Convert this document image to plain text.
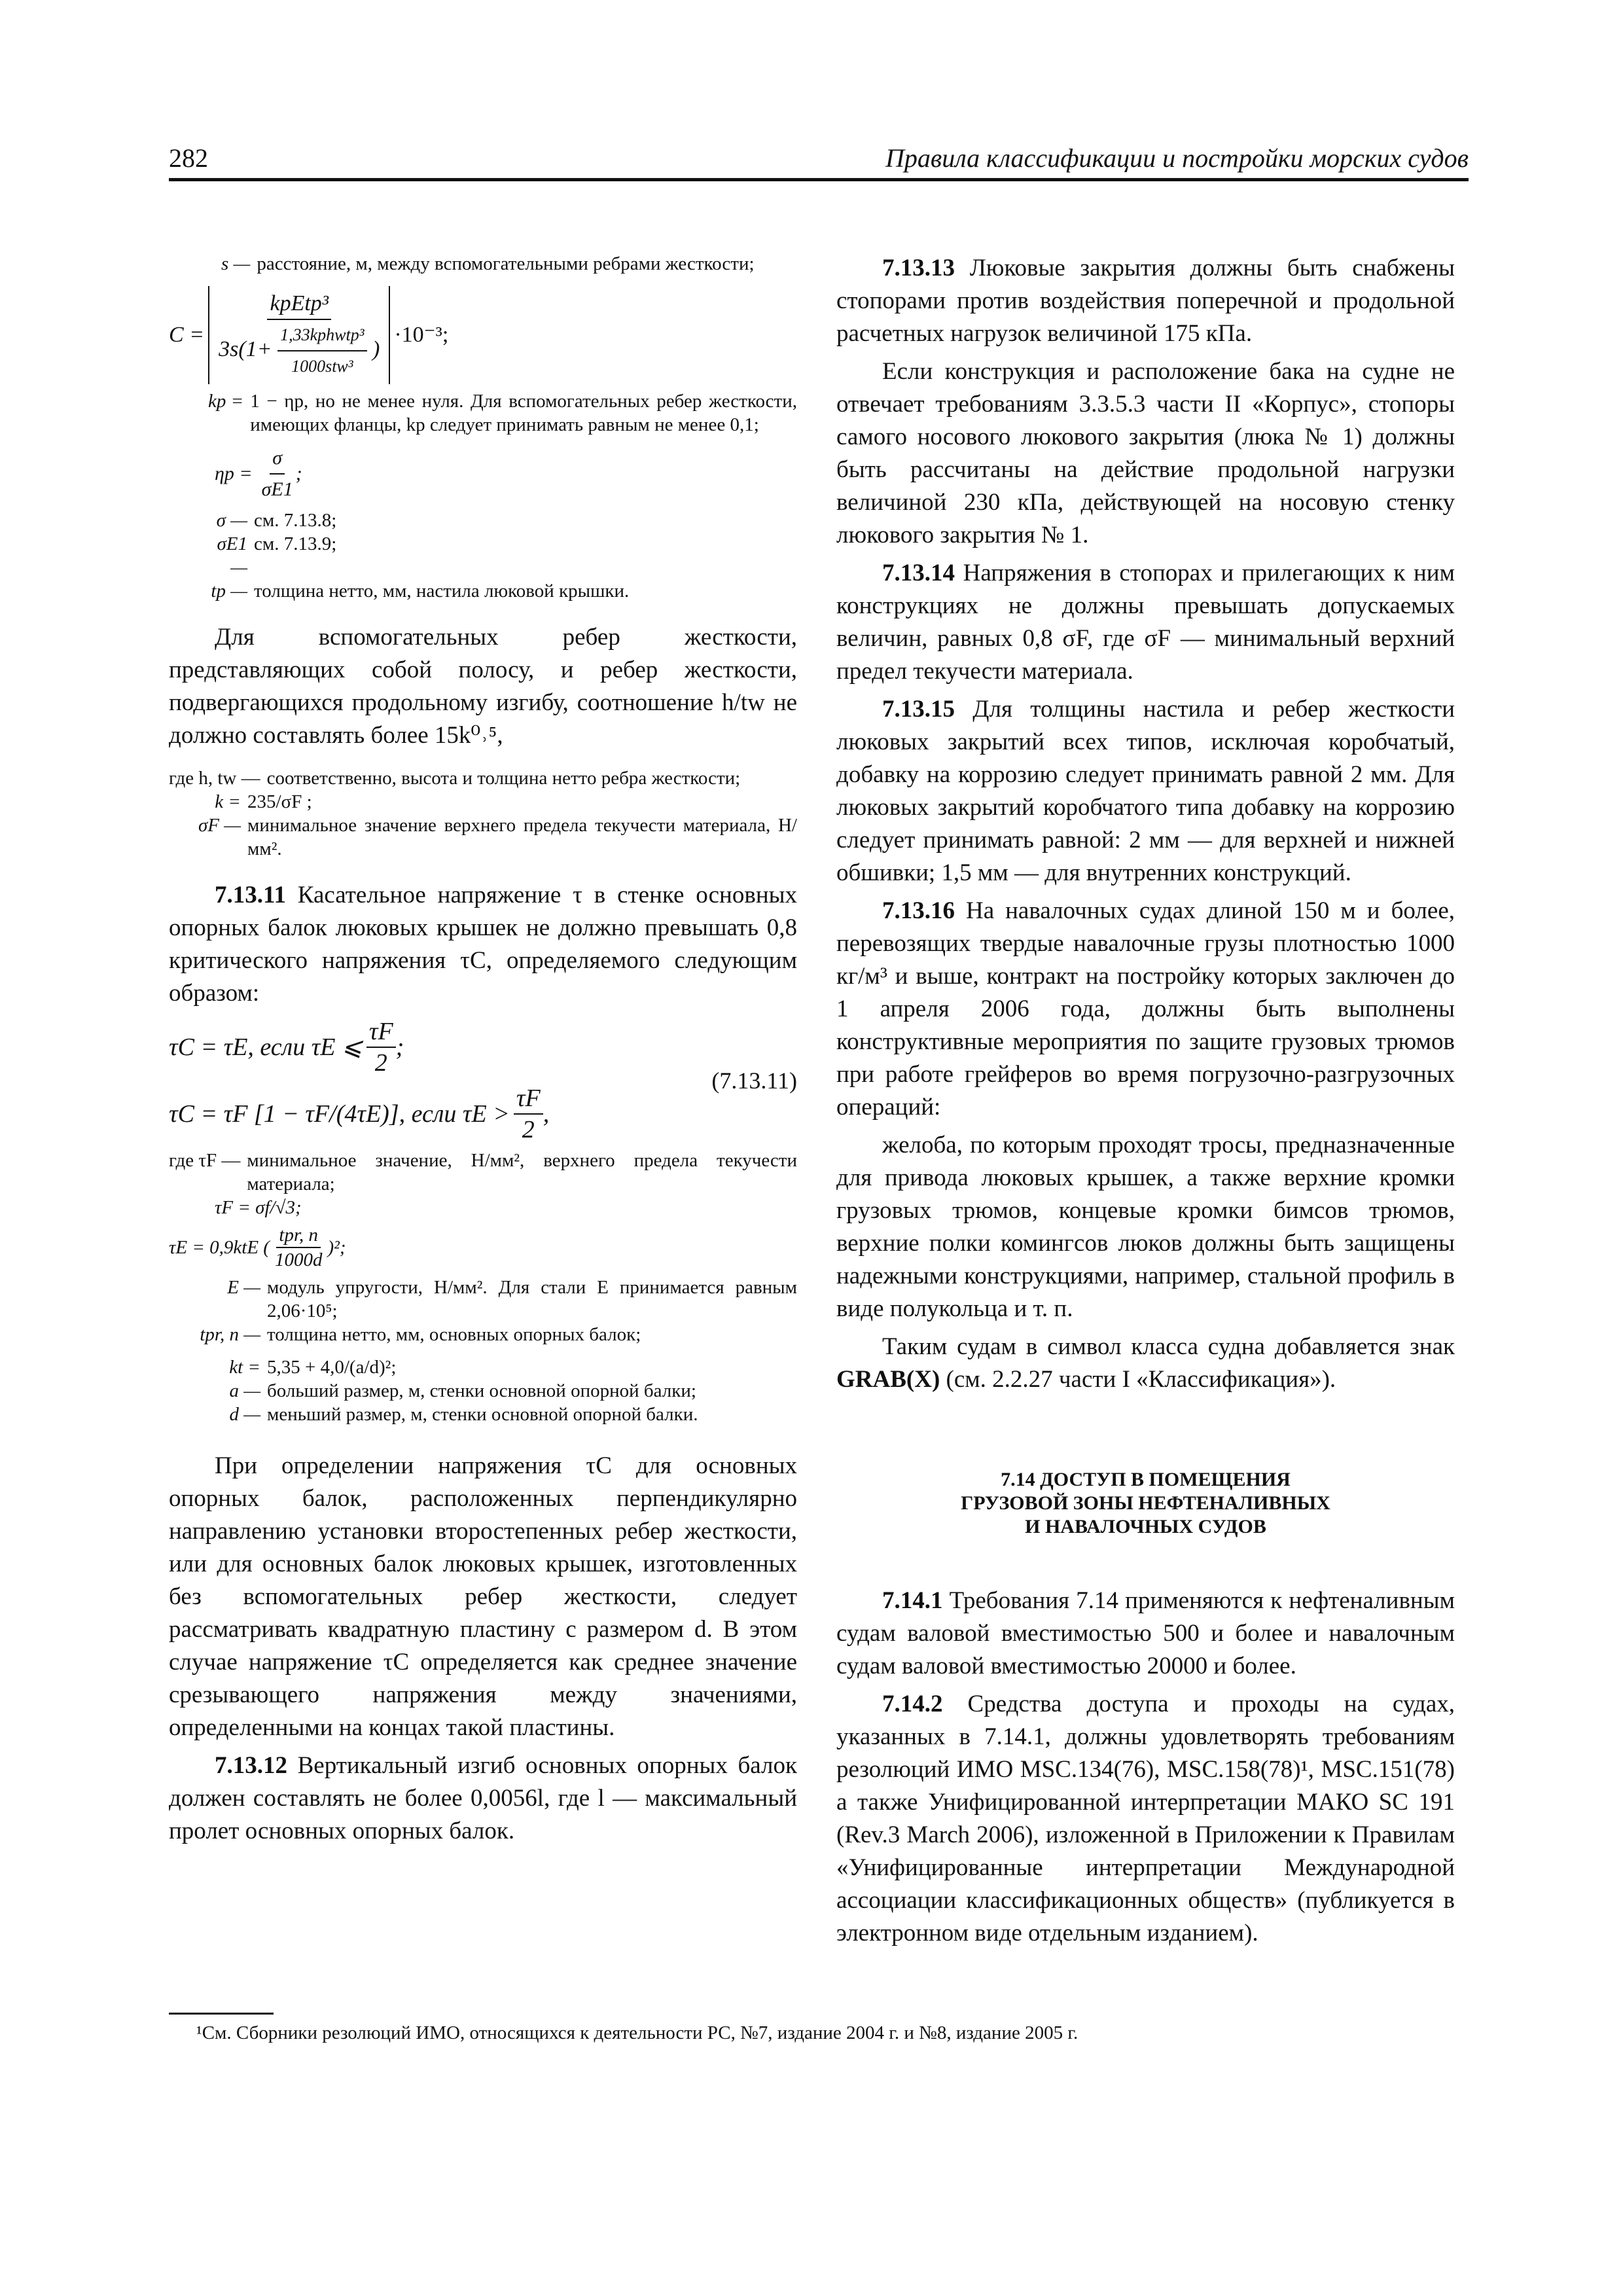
282	Правила классификации и постройки морских судов
s — расстояние, м, между вспомогательными ребрами жесткости;
C =
kpEtp³
$3s(1+ \frac{\text{1,33kphwtp³}}{\text{1000stw³}}$ )
·10⁻³;
kp = 1 − ηp, но не менее нуля. Для вспомогательных ребер жесткости, имеющих фланцы, kp следует принимать равным не менее 0,1;
$\eta p = \frac{\sigma}{\sigma E1}$ ;
σ — см. 7.13.8;
σE1 —
см. 7.13.9;
tp — толщина нетто, мм, настила люковой крышки.

Для вспомогательных ребер жесткости, представляющих собой полосу, и ребер жесткости, подвергающихся продольному изгибу, соотношение h/tw не должно составлять более 15k⁰˒⁵,

где h, tw — соответственно, высота и толщина нетто ребра жесткости;
k = 235/σF ;
σF — минимальное значение верхнего предела текучести материала, Н/мм².

7.13.11 Касательное напряжение τ в стенке основных опорных балок люковых крышек не должно превышать 0,8 критического напряжения τC, определяемого следующим образом:

τC = τE, если τE ⩽ $\frac{\tau F}{2}$ ;
τC = τF [1 − τF/(4τE)], если $\tau E > \frac{\tau F}{2}$ ,
(7.13.11)
где τF — минимальное значение, Н/мм², верхнего предела текучести материала;
τF = σf/√3;
τE = 0,9ktE ( $\frac{\text{tpr, n}}{1000d} )^2$;
E — модуль упругости, Н/мм². Для стали E принимается равным 2,06·10⁵;
tpr, n — толщина нетто, мм, основных опорных балок;
kt = 5,35 + 4,0/(a/d)²;
a — больший размер, м, стенки основной опорной балки;
d — меньший размер, м, стенки основной опорной балки.

При определении напряжения τC для основных опорных балок, расположенных перпендикулярно направлению установки второстепенных ребер жесткости, или для основных балок люковых крышек, изготовленных без вспомогательных ребер жесткости, следует рассматривать квадратную пластину с размером d. В этом случае напряжение τC определяется как среднее значение срезывающего напряжения между значениями, определенными на концах такой пластины.

7.13.12 Вертикальный изгиб основных опорных балок должен составлять не более 0,0056l, где l — максимальный пролет основных опорных балок.

7.13.13 Люковые закрытия должны быть снабжены стопорами против воздействия поперечной и продольной расчетных нагрузок величиной 175 кПа.

Если конструкция и расположение бака на судне не отвечает требованиям 3.3.5.3 части II «Корпус», стопоры самого носового люкового закрытия (люка № 1) должны быть рассчитаны на действие продольной нагрузки величиной 230 кПа, действующей на носовую стенку люкового закрытия № 1.

7.13.14 Напряжения в стопорах и прилегающих к ним конструкциях не должны превышать допускаемых величин, равных 0,8 σF, где σF — минимальный верхний предел текучести материала.

7.13.15 Для толщины настила и ребер жесткости люковых закрытий всех типов, исключая коробчатый, добавку на коррозию следует принимать равной 2 мм. Для люковых закрытий коробчатого типа добавку на коррозию следует принимать равной: 2 мм — для верхней и нижней обшивки; 1,5 мм — для внутренних конструкций.

7.13.16 На навалочных судах длиной 150 м и более, перевозящих твердые навалочные грузы плотностью 1000 кг/м³ и выше, контракт на постройку которых заключен до 1 апреля 2006 года, должны быть выполнены конструктивные мероприятия по защите грузовых трюмов при работе грейферов во время погрузочно-разгрузочных операций:

желоба, по которым проходят тросы, предназначенные для привода люковых крышек, а также верхние кромки грузовых трюмов, концевые кромки бимсов трюмов, верхние полки комингсов люков должны быть защищены надежными конструкциями, например, стальной профиль в виде полукольца и т. п.

Таким судам в символ класса судна добавляется знак GRAB(X) (см. 2.2.27 части I «Классификация»).

7.14 ДОСТУП В ПОМЕЩЕНИЯ
ГРУЗОВОЙ ЗОНЫ НЕФТЕНАЛИВНЫХ
И НАВАЛОЧНЫХ СУДОВ

7.14.1 Требования 7.14 применяются к нефтеналивным судам валовой вместимостью 500 и более и навалочным судам валовой вместимостью 20000 и более.

7.14.2 Средства доступа и проходы на судах, указанных в 7.14.1, должны удовлетворять требованиям резолюций ИМО MSC.134(76), MSC.158(78)¹, MSC.151(78) а также Унифицированной интерпретации МАКО SC 191 (Rev.3 March 2006), изложенной в Приложении к Правилам «Унифицированные интерпретации Международной ассоциации классификационных обществ» (публикуется в электронном виде отдельным изданием).

¹См. Сборники резолюций ИМО, относящихся к деятельности РС, №7, издание 2004 г. и №8, издание 2005 г.
